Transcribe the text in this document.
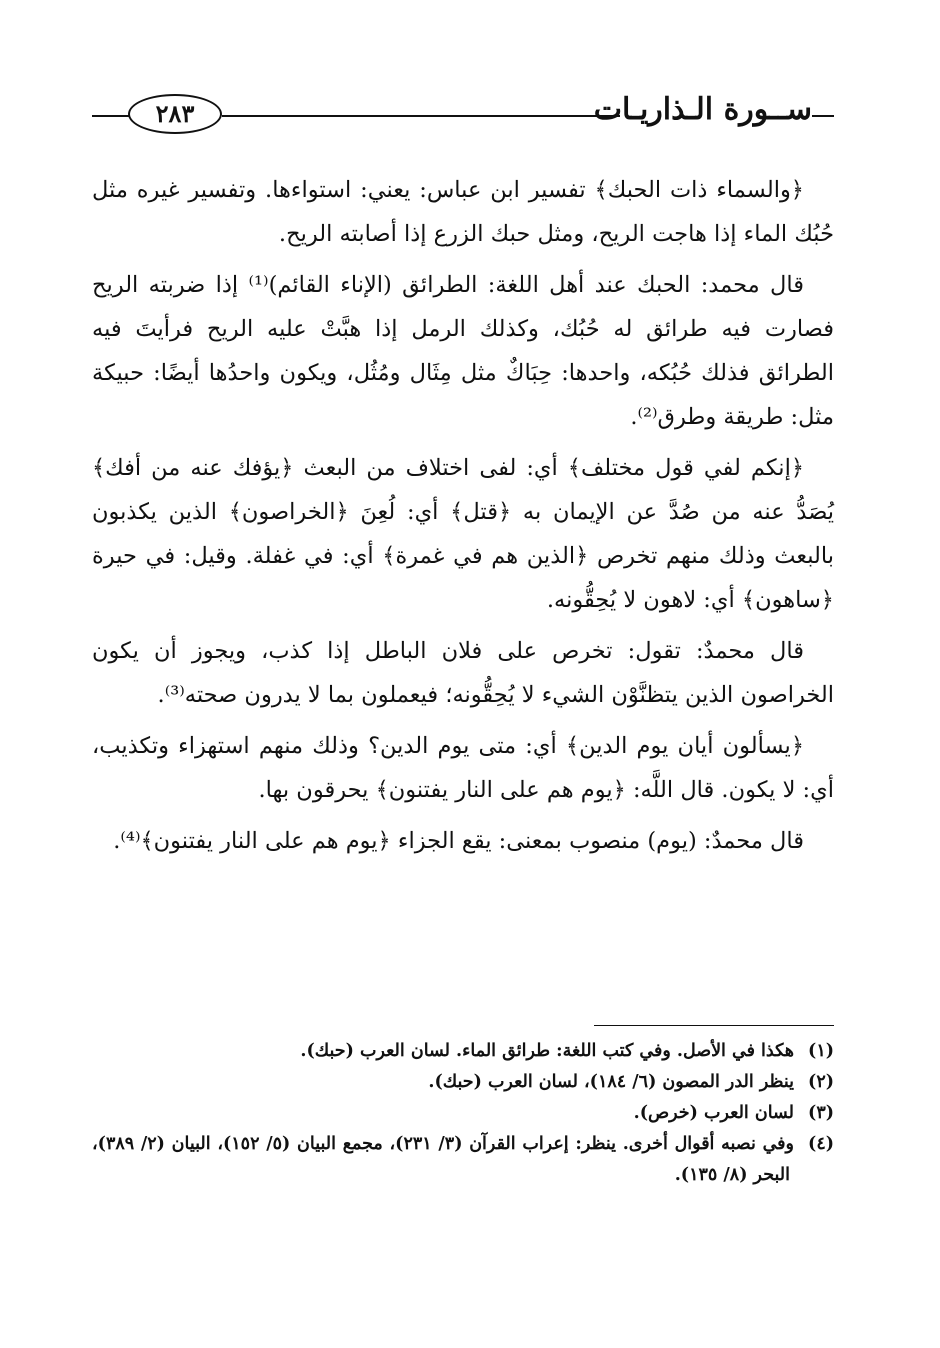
٢٨٣	ســورة الـذاريـات

﴿والسماء ذات الحبك﴾ تفسير ابن عباس: يعني: استواءها. وتفسير غيره مثل حُبُك الماء إذا هاجت الريح، ومثل حبك الزرع إذا أصابته الريح.

قال محمد: الحبك عند أهل اللغة: الطرائق (الإناء القائم)⁽¹⁾ إذا ضربته الريح فصارت فيه طرائق له حُبُك، وكذلك الرمل إذا هبَّتْ عليه الريح فرأيتَ فيه الطرائق فذلك حُبُكه، واحدها: حِبَاكٌ مثل مِثَال ومُثُل، ويكون واحدُها أيضًا: حبيكة مثل: طريقة وطرق⁽²⁾.

﴿إنكم لفي قول مختلف﴾ أي: لفى اختلاف من البعث ﴿يؤفك عنه من أفك﴾ يُصَدُّ عنه من صُدَّ عن الإيمان به ﴿قتل﴾ أي: لُعِنَ ﴿الخراصون﴾ الذين يكذبون بالبعث وذلك منهم تخرص ﴿الذين هم في غمرة﴾ أي: في غفلة. وقيل: في حيرة ﴿ساهون﴾ أي: لاهون لا يُحِقُّونه.

قال محمدٌ: تقول: تخرص على فلان الباطل إذا كذب، ويجوز أن يكون الخراصون الذين يتظنَّوْن الشيء لا يُحِقُّونه؛ فيعملون بما لا يدرون صحته⁽³⁾.

﴿يسألون أيان يوم الدين﴾ أي: متى يوم الدين؟ وذلك منهم استهزاء وتكذيب، أي: لا يكون. قال اللَّه: ﴿يوم هم على النار يفتنون﴾ يحرقون بها.

قال محمدٌ: (يوم) منصوب بمعنى: يقع الجزاء ﴿يوم هم على النار يفتنون﴾⁽⁴⁾.

(١)هكذا في الأصل. وفي كتب اللغة: طرائق الماء. لسان العرب (حبك).

(٢)ينظر الدر المصون (٦/ ١٨٤)، لسان العرب (حبك).

(٣)لسان العرب (خرص).

(٤)وفي نصبه أقوال أخرى. ينظر: إعراب القرآن (٣/ ٢٣١)، مجمع البيان (٥/ ١٥٢)، البيان (٢/ ٣٨٩)، البحر (٨/ ١٣٥).
